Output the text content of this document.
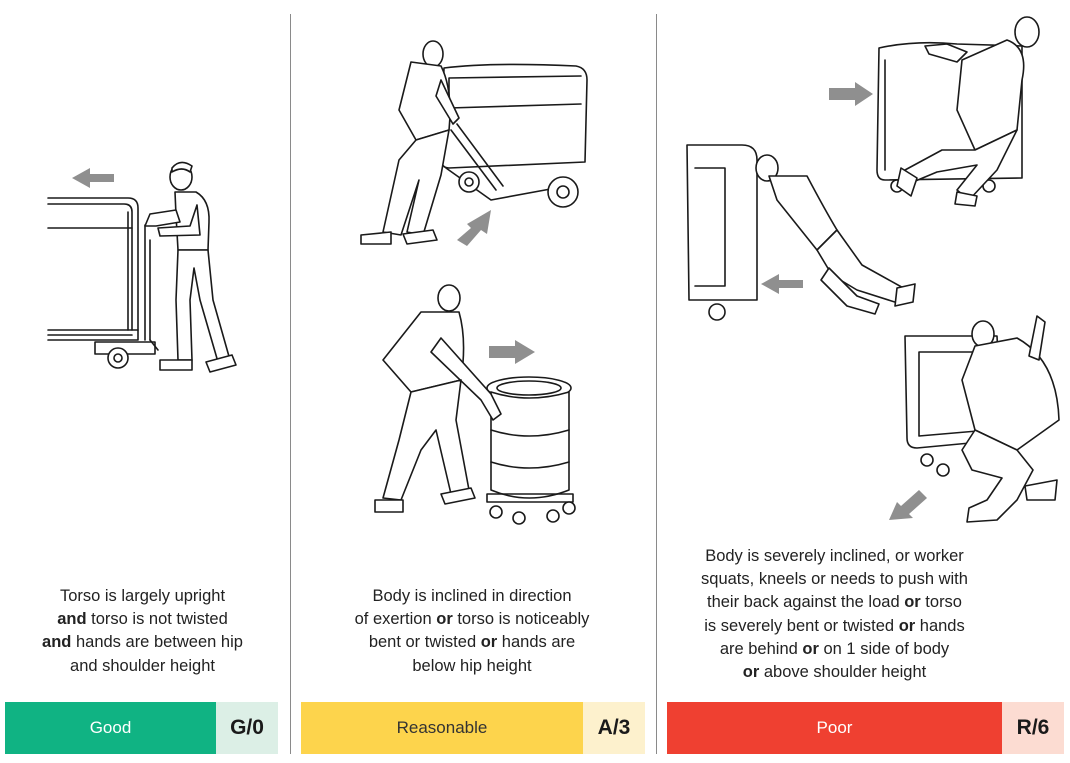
Torso is largely upright
and torso is not twisted
and hands are between hip
and shoulder height
Good	G/0
Body is inclined in direction
of exertion or torso is noticeably
bent or twisted or hands are
below hip height
Reasonable	A/3
Body is severely inclined, or worker
squats, kneels or needs to push with
their back against the load or torso
is severely bent or twisted or hands
are behind or on 1 side of body
or above shoulder height
Poor	R/6
